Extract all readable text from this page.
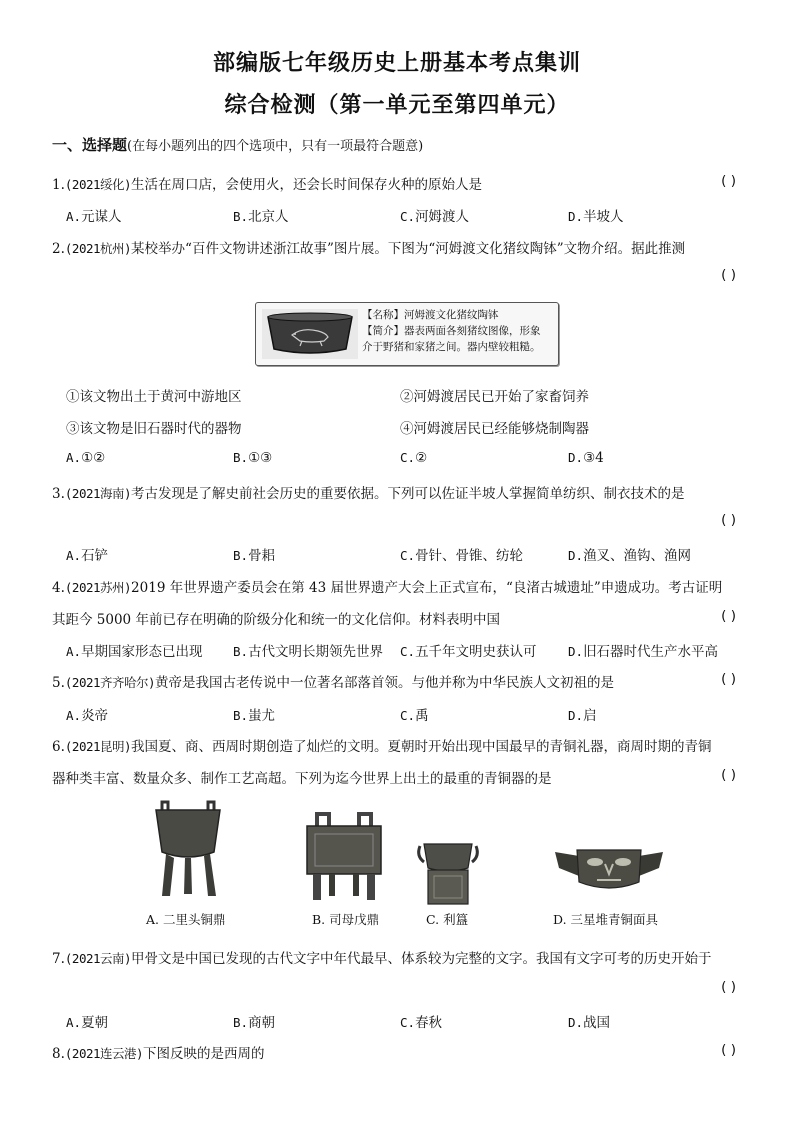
部编版七年级历史上册基本考点集训
综合检测（第一单元至第四单元）
一、选择题(在每小题列出的四个选项中，只有一项最符合题意)
1.(2021绥化)生活在周口店，会使用火，还会长时间保存火种的原始人是	( )
A.元谋人	B.北京人	C.河姆渡人	D.半坡人
2.(2021杭州)某校举办“百件文物讲述浙江故事”图片展。下图为“河姆渡文化猪纹陶钵”文物介绍。据此推测
( )
【名称】河姆渡文化猪纹陶钵
【简介】器表两面各刻猪纹图像，形象
介于野猪和家猪之间。器内壁较粗糙。
①该文物出土于黄河中游地区	②河姆渡居民已开始了家畜饲养
③该文物是旧石器时代的器物	④河姆渡居民已经能够烧制陶器
A.①②	B.①③	C.②	D.③4
3.(2021海南)考古发现是了解史前社会历史的重要依据。下列可以佐证半坡人掌握简单纺织、制衣技术的是
( )
A.石铲	B.骨耜	C.骨针、骨锥、纺轮	D.渔叉、渔钩、渔网
4.(2021苏州)2019 年世界遗产委员会在第 43 届世界遗产大会上正式宣布，“良渚古城遗址”申遗成功。考古证明
其距今 5000 年前已存在明确的阶级分化和统一的文化信仰。材料表明中国	( )
A.早期国家形态已出现 B.古代文明长期领先世界 C.五千年文明史获认可	D.旧石器时代生产水平高
5.(2021齐齐哈尔)黄帝是我国古老传说中一位著名部落首领。与他并称为中华民族人文初祖的是	( )
A.炎帝	B.蚩尤	C.禹	D.启
6.(2021昆明)我国夏、商、西周时期创造了灿烂的文明。夏朝时开始出现中国最早的青铜礼器，商周时期的青铜
器种类丰富、数量众多、制作工艺高超。下列为迄今世界上出土的最重的青铜器的是	( )
A. 二里头铜鼎	B. 司母戊鼎	C. 利簋	D. 三星堆青铜面具
7.(2021云南)甲骨文是中国已发现的古代文字中年代最早、体系较为完整的文字。我国有文字可考的历史开始于
( )
A.夏朝	B.商朝	C.春秋	D.战国
8.(2021连云港)下图反映的是西周的	( )
